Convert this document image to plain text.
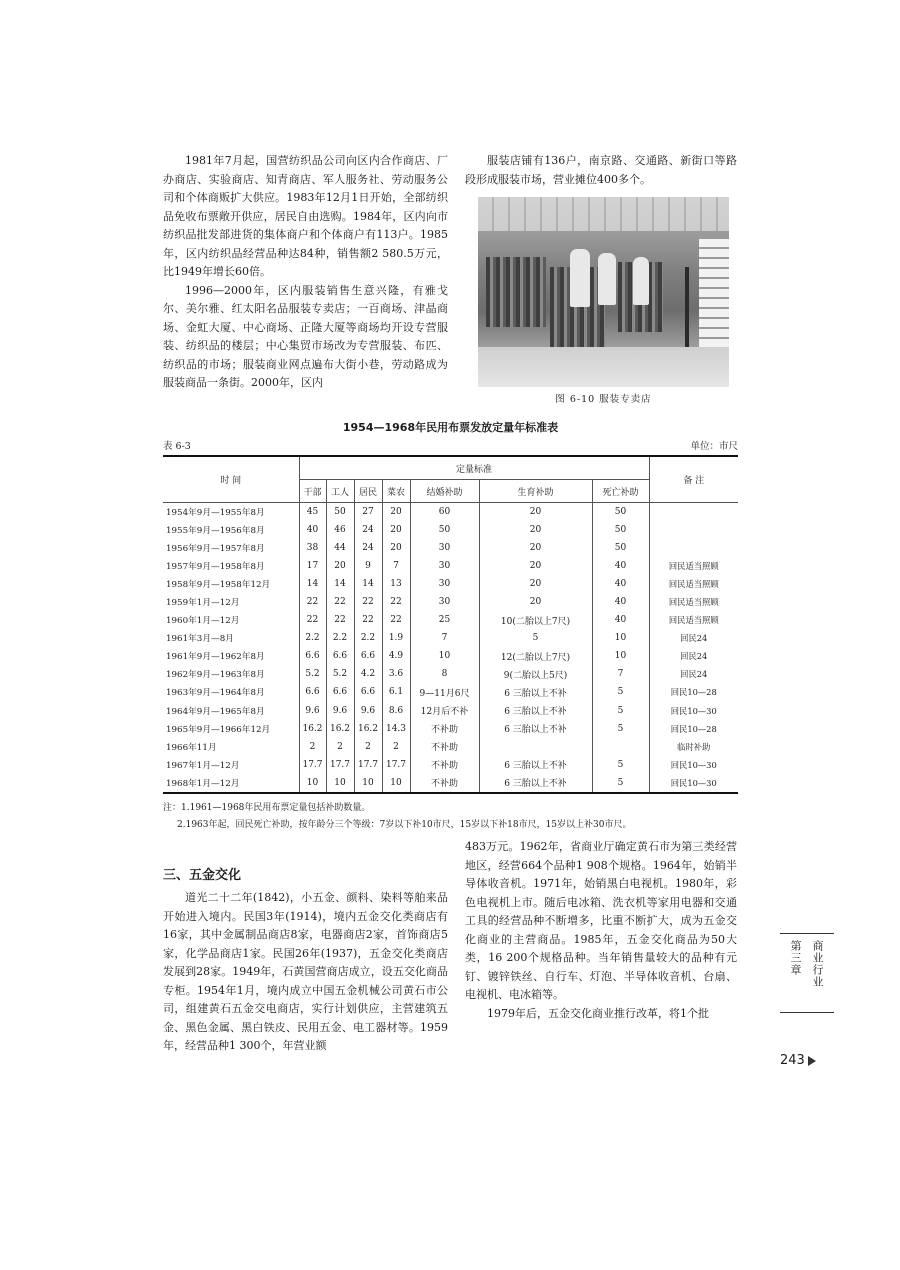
1981年7月起，国营纺织品公司向区内合作商店、厂办商店、实验商店、知青商店、军人服务社、劳动服务公司和个体商贩扩大供应。1983年12月1日开始，全部纺织品免收布票敞开供应，居民自由选购。1984年，区内向市纺织品批发部进货的集体商户和个体商户有113户。1985年，区内纺织品经营品种达84种，销售额2 580.5万元，比1949年增长60倍。

1996—2000年，区内服装销售生意兴隆，有雅戈尔、美尔雅、红太阳名品服装专卖店；一百商场、津晶商场、金虹大厦、中心商场、正隆大厦等商场均开设专营服装、纺织品的楼层；中心集贸市场改为专营服装、布匹、纺织品的市场；服装商业网点遍布大街小巷，劳动路成为服装商品一条街。2000年，区内

服装店铺有136户，南京路、交通路、新街口等路段形成服装市场，营业摊位400多个。

图 6-10 服装专卖店
1954—1968年民用布票发放定量年标准表
表 6-3	单位：市尺
时 间	定量标准							备 注
	干部	工人	居民	菜农	结婚补助	生育补助	死亡补助	
1954年9月—1955年8月	45	50	27	20	60	20	50	
1955年9月—1956年8月	40	46	24	20	50	20	50	
1956年9月—1957年8月	38	44	24	20	30	20	50	
1957年9月—1958年8月	17	20	9	7	30	20	40	回民适当照顾
1958年9月—1958年12月	14	14	14	13	30	20	40	回民适当照顾
1959年1月—12月	22	22	22	22	30	20	40	回民适当照顾
1960年1月—12月	22	22	22	22	25	10(二胎以上7尺)	40	回民适当照顾
1961年3月—8月	2.2	2.2	2.2	1.9	7	5	10	回民24
1961年9月—1962年8月	6.6	6.6	6.6	4.9	10	12(二胎以上7尺)	10	回民24
1962年9月—1963年8月	5.2	5.2	4.2	3.6	8	9(二胎以上5尺)	7	回民24
1963年9月—1964年8月	6.6	6.6	6.6	6.1	9—11月6尺	6 三胎以上不补	5	回民10—28
1964年9月—1965年8月	9.6	9.6	9.6	8.6	12月后不补	6 三胎以上不补	5	回民10—30
1965年9月—1966年12月	16.2	16.2	16.2	14.3	不补助	6 三胎以上不补	5	回民10—28
1966年11月	2	2	2	2	不补助			临时补助
1967年1月—12月	17.7	17.7	17.7	17.7	不补助	6 三胎以上不补	5	回民10—30
1968年1月—12月	10	10	10	10	不补助	6 三胎以上不补	5	回民10—30
注：1.1961—1968年民用布票定量包括补助数量。
2.1963年起，回民死亡补助，按年龄分三个等级：7岁以下补10市尺，15岁以下补18市尺，15岁以上补30市尺。
三、五金交化

道光二十二年(1842)，小五金、颜料、染料等舶来品开始进入境内。民国3年(1914)，境内五金交化类商店有16家，其中金属制品商店8家，电器商店2家，首饰商店5家，化学品商店1家。民国26年(1937)，五金交化类商店发展到28家。1949年，石黄国营商店成立，设五交化商品专柜。1954年1月，境内成立中国五金机械公司黄石市公司，组建黄石五金交电商店，实行计划供应，主营建筑五金、黑色金属、黑白铁皮、民用五金、电工器材等。1959年，经营品种1 300个，年营业额

483万元。1962年，省商业厅确定黄石市为第三类经营地区，经营664个品种1 908个规格。1964年，始销半导体收音机。1971年，始销黑白电视机。1980年，彩色电视机上市。随后电冰箱、洗衣机等家用电器和交通工具的经营品种不断增多，比重不断扩大，成为五金交化商业的主营商品。1985年，五金交化商品为50大类，16 200个规格品种。当年销售量较大的品种有元钉、镀锌铁丝、自行车、灯泡、半导体收音机、台扇、电视机、电冰箱等。

1979年后，五金交化商业推行改革，将1个批

第三章 商业行业
243
